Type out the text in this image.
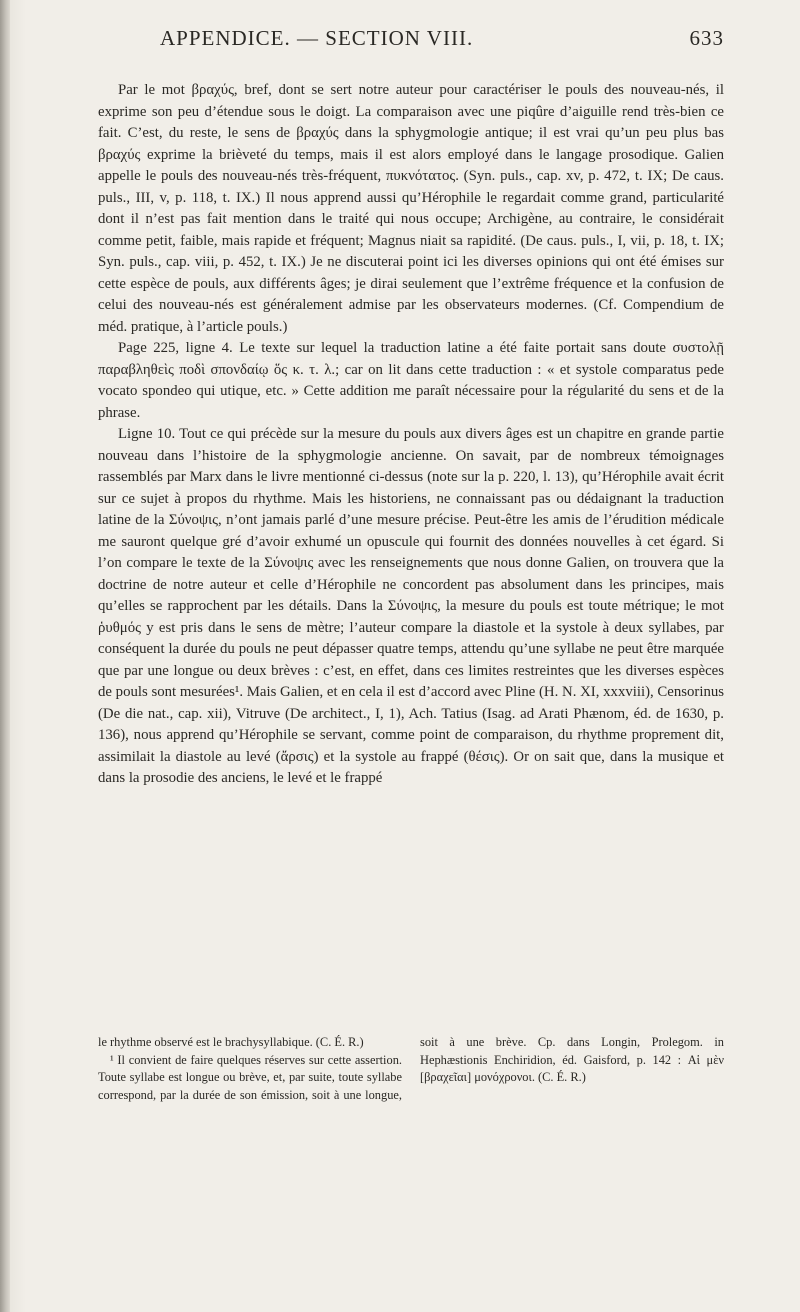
APPENDICE. — SECTION VIII.	633

Par le mot βραχύς, bref, dont se sert notre auteur pour caractériser le pouls des nouveau-nés, il exprime son peu d’étendue sous le doigt. La comparaison avec une piqûre d’aiguille rend très-bien ce fait. C’est, du reste, le sens de βραχύς dans la sphygmologie antique; il est vrai qu’un peu plus bas βραχύς exprime la brièveté du temps, mais il est alors employé dans le langage prosodique. Galien appelle le pouls des nouveau-nés très-fréquent, πυκνότατος. (Syn. puls., cap. xv, p. 472, t. IX; De caus. puls., III, v, p. 118, t. IX.) Il nous apprend aussi qu’Hérophile le regardait comme grand, particularité dont il n’est pas fait mention dans le traité qui nous occupe; Archigène, au contraire, le considérait comme petit, faible, mais rapide et fréquent; Magnus niait sa rapidité. (De caus. puls., I, vii, p. 18, t. IX; Syn. puls., cap. viii, p. 452, t. IX.) Je ne discuterai point ici les diverses opinions qui ont été émises sur cette espèce de pouls, aux différents âges; je dirai seulement que l’extrême fréquence et la confusion de celui des nouveau-nés est généralement admise par les observateurs modernes. (Cf. Compendium de méd. pratique, à l’article pouls.)

Page 225, ligne 4. Le texte sur lequel la traduction latine a été faite portait sans doute συστολῇ παραβληθεὶς ποδὶ σπονδαίῳ ὅς κ. τ. λ.; car on lit dans cette traduction : « et systole comparatus pede vocato spondeo qui utique, etc. » Cette addition me paraît nécessaire pour la régularité du sens et de la phrase.

Ligne 10. Tout ce qui précède sur la mesure du pouls aux divers âges est un chapitre en grande partie nouveau dans l’histoire de la sphygmologie ancienne. On savait, par de nombreux témoignages rassemblés par Marx dans le livre mentionné ci-dessus (note sur la p. 220, l. 13), qu’Hérophile avait écrit sur ce sujet à propos du rhythme. Mais les historiens, ne connaissant pas ou dédaignant la traduction latine de la Σύνοψις, n’ont jamais parlé d’une mesure précise. Peut-être les amis de l’érudition médicale me sauront quelque gré d’avoir exhumé un opuscule qui fournit des données nouvelles à cet égard. Si l’on compare le texte de la Σύνοψις avec les renseignements que nous donne Galien, on trouvera que la doctrine de notre auteur et celle d’Hérophile ne concordent pas absolument dans les principes, mais qu’elles se rapprochent par les détails. Dans la Σύνοψις, la mesure du pouls est toute métrique; le mot ῥυθμός y est pris dans le sens de mètre; l’auteur compare la diastole et la systole à deux syllabes, par conséquent la durée du pouls ne peut dépasser quatre temps, attendu qu’une syllabe ne peut être marquée que par une longue ou deux brèves : c’est, en effet, dans ces limites restreintes que les diverses espèces de pouls sont mesurées¹. Mais Galien, et en cela il est d’accord avec Pline (H. N. XI, xxxviii), Censorinus (De die nat., cap. xii), Vitruve (De architect., I, 1), Ach. Tatius (Isag. ad Arati Phænom, éd. de 1630, p. 136), nous apprend qu’Hérophile se servant, comme point de comparaison, du rhythme proprement dit, assimilait la diastole au levé (ἄρσις) et la systole au frappé (θέσις). Or on sait que, dans la musique et dans la prosodie des anciens, le levé et le frappé

le rhythme observé est le brachysyllabique. (C. É. R.)

¹ Il convient de faire quelques réserves sur cette assertion. Toute syllabe est longue ou brève, et, par suite, toute syllabe correspond, par la durée de son émission, soit à une longue, soit à une brève. Cp. dans Longin, Prolegom. in Hephæstionis Enchiridion, éd. Gaisford, p. 142 : Αἱ μὲν [βραχεῖαι] μονόχρονοι. (C. É. R.)
